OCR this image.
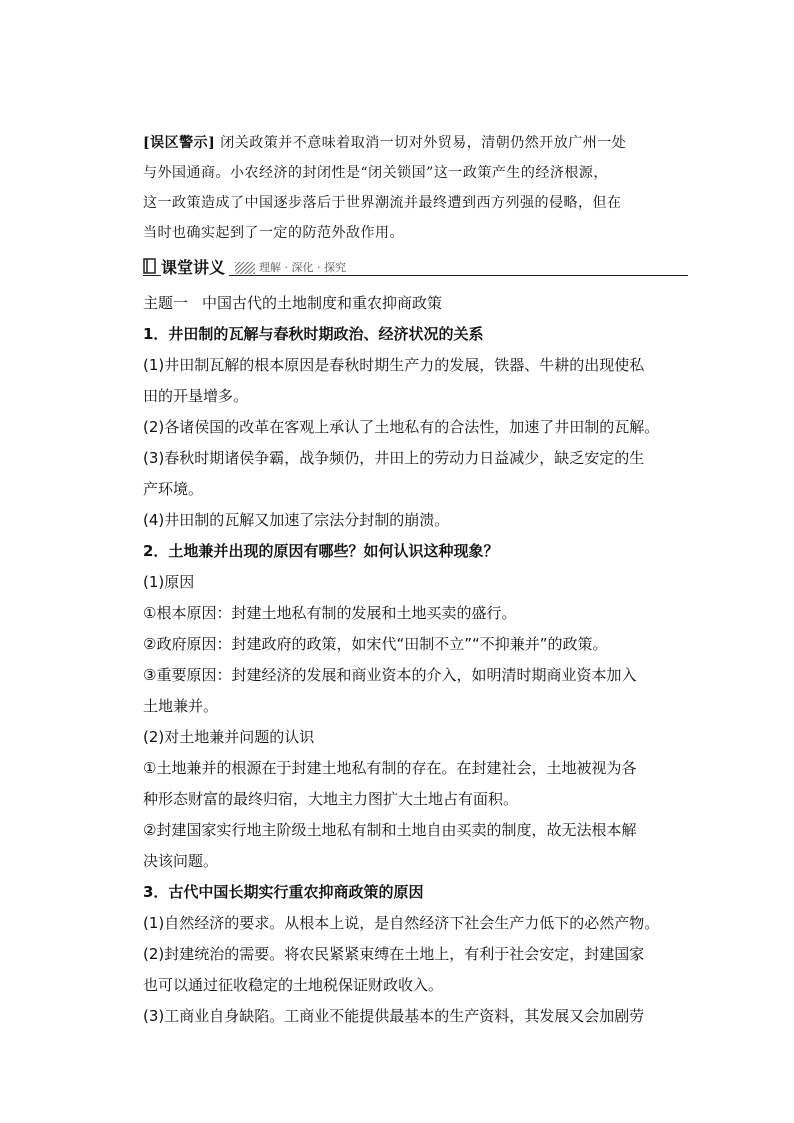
[误区警示] 闭关政策并不意味着取消一切对外贸易，清朝仍然开放广州一处
与外国通商。小农经济的封闭性是“闭关锁国”这一政策产生的经济根源，
这一政策造成了中国逐步落后于世界潮流并最终遭到西方列强的侵略，但在
当时也确实起到了一定的防范外敌作用。
课堂讲义	理解 · 深化 · 探究
主题一 中国古代的土地制度和重农抑商政策
1．井田制的瓦解与春秋时期政治、经济状况的关系
(1)井田制瓦解的根本原因是春秋时期生产力的发展，铁器、牛耕的出现使私
田的开垦增多。
(2)各诸侯国的改革在客观上承认了土地私有的合法性，加速了井田制的瓦解。
(3)春秋时期诸侯争霸，战争频仍，井田上的劳动力日益减少，缺乏安定的生
产环境。
(4)井田制的瓦解又加速了宗法分封制的崩溃。
2．土地兼并出现的原因有哪些？如何认识这种现象？
(1)原因
①根本原因：封建土地私有制的发展和土地买卖的盛行。
②政府原因：封建政府的政策，如宋代“田制不立”“不抑兼并”的政策。
③重要原因：封建经济的发展和商业资本的介入，如明清时期商业资本加入
土地兼并。
(2)对土地兼并问题的认识
①土地兼并的根源在于封建土地私有制的存在。在封建社会，土地被视为各
种形态财富的最终归宿，大地主力图扩大土地占有面积。
②封建国家实行地主阶级土地私有制和土地自由买卖的制度，故无法根本解
决该问题。
3．古代中国长期实行重农抑商政策的原因
(1)自然经济的要求。从根本上说，是自然经济下社会生产力低下的必然产物。
(2)封建统治的需要。将农民紧紧束缚在土地上，有利于社会安定，封建国家
也可以通过征收稳定的土地税保证财政收入。
(3)工商业自身缺陷。工商业不能提供最基本的生产资料，其发展又会加剧劳
